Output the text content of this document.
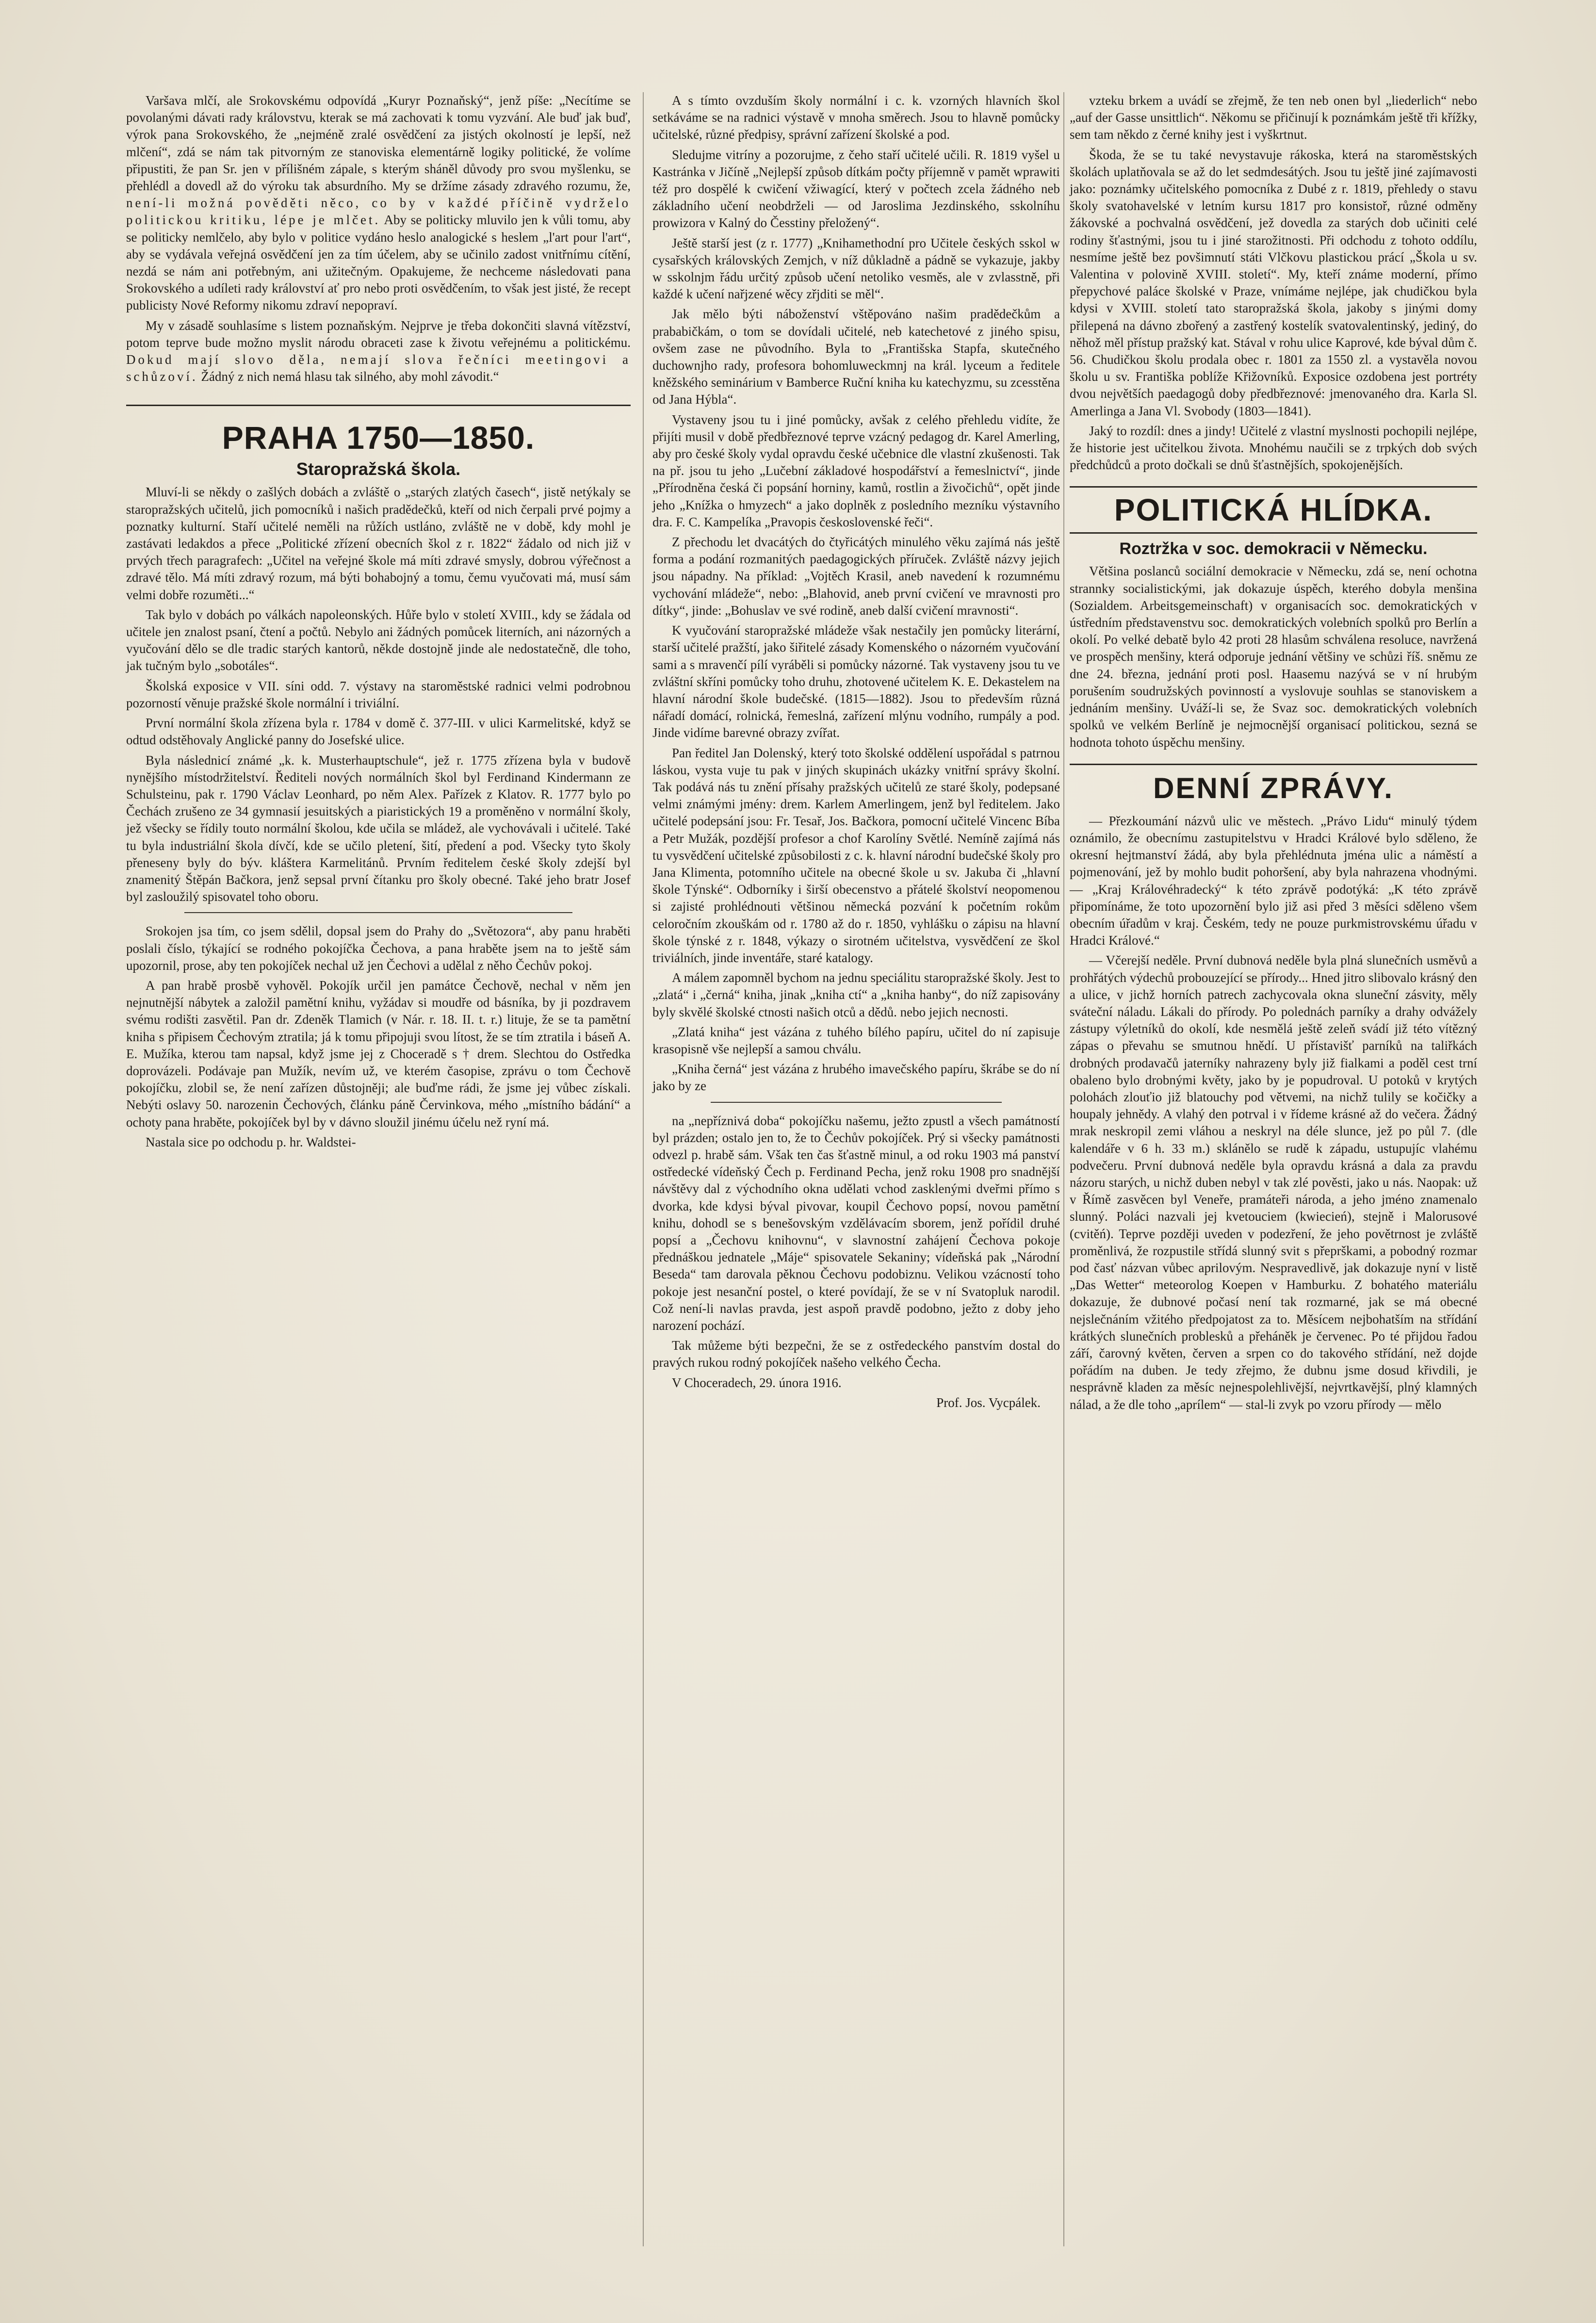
Varšava mlčí, ale Srokovskému odpovídá „Kuryr Poznaňský“, jenž píše: „Necítíme se povolanými dávati rady královstvu, kterak se má zachovati k tomu vyzvání. Ale buď jak buď, výrok pana Srokovského, že „nejméně zralé osvědčení za jistých okolností je lepší, než mlčení“, zdá se nám tak pitvorným ze stanoviska elementárně logiky politické, že volíme připustiti, že pan Sr. jen v přílišném zápale, s kterým sháněl důvody pro svou myšlenku, se přehlédl a dovedl až do výroku tak absurdního. My se držíme zásady zdravého rozumu, že, není-li možná pověděti něco, co by v každé příčině vydrželo politickou kritiku, lépe je mlčet. Aby se politicky mluvilo jen k vůli tomu, aby se politicky nemlčelo, aby bylo v politice vydáno heslo analogické s heslem „l'art pour l'art“, aby se vydávala veřejná osvědčení jen za tím účelem, aby se učinilo zadost vnitřnímu cítění, nezdá se nám ani potřebným, ani užitečným. Opakujeme, že nechceme následovati pana Srokovského a udíleti rady království ať pro nebo proti osvědčením, to však jest jisté, že recept publicisty Nové Reformy nikomu zdraví nepopraví.

My v zásadě souhlasíme s listem poznaňským. Nejprve je třeba dokončiti slavná vítězství, potom teprve bude možno myslit národu obraceti zase k životu veřejnému a politickému. Dokud mají slovo děla, nemají slova řečníci meetingovi a schůzoví. Žádný z nich nemá hlasu tak silného, aby mohl závodit.“

PRAHA 1750—1850.
Staropražská škola.

Mluví-li se někdy o zašlých dobách a zvláště o „starých zlatých časech“, jistě netýkaly se staropražských učitelů, jich pomocníků i našich pradědečků, kteří od nich čerpali prvé pojmy a poznatky kulturní. Staří učitelé neměli na růžích ustláno, zvláště ne v době, kdy mohl je zastávati ledakdos a přece „Politické zřízení obecních škol z r. 1822“ žádalo od nich již v prvých třech paragrafech: „Učitel na veřejné škole má míti zdravé smysly, dobrou výřečnost a zdravé tělo. Má míti zdravý rozum, má býti bohabojný a tomu, čemu vyučovati má, musí sám velmi dobře rozuměti...“

Tak bylo v dobách po válkách napoleonských. Hůře bylo v století XVIII., kdy se žádala od učitele jen znalost psaní, čtení a počtů. Nebylo ani žádných pomůcek literních, ani názorných a vyučování dělo se dle tradic starých kantorů, někde dostojně jinde ale nedostatečně, dle toho, jak tučným bylo „sobotáles“.

Školská exposice v VII. síni odd. 7. výstavy na staroměstské radnici velmi podrobnou pozorností věnuje pražské škole normální i triviální.

První normální škola zřízena byla r. 1784 v domě č. 377-III. v ulici Karmelitské, když se odtud odstěhovaly Anglické panny do Josefské ulice.

Byla následnicí známé „k. k. Musterhauptschule“, jež r. 1775 zřízena byla v budově nynějšího místodržitelství. Řediteli nových normálních škol byl Ferdinand Kindermann ze Schulsteinu, pak r. 1790 Václav Leonhard, po něm Alex. Pařízek z Klatov. R. 1777 bylo po Čechách zrušeno ze 34 gymnasií jesuitských a piaristických 19 a proměněno v normální školy, jež všecky se řídily touto normální školou, kde učila se mládež, ale vychovávali i učitelé. Také tu byla industriální škola dívčí, kde se učilo pletení, šití, předení a pod. Všecky tyto školy přeneseny byly do býv. kláštera Karmelitánů. Prvním ředitelem české školy zdejší byl znamenitý Štěpán Bačkora, jenž sepsal první čítanku pro školy obecné. Také jeho bratr Josef byl zasloužilý spisovatel toho oboru.

Srokojen jsa tím, co jsem sdělil, dopsal jsem do Prahy do „Světozora“, aby panu hraběti poslali číslo, týkající se rodného pokojíčka Čechova, a pana hraběte jsem na to ještě sám upozornil, prose, aby ten pokojíček nechal už jen Čechovi a udělal z něho Čechův pokoj.

A pan hrabě prosbě vyhověl. Pokojík určil jen památce Čechově, nechal v něm jen nejnutnější nábytek a založil pamětní knihu, vyžádav si moudře od básníka, by ji pozdravem svému rodišti zasvětil. Pan dr. Zdeněk Tlamich (v Nár. r. 18. II. t. r.) lituje, že se ta pamětní kniha s připisem Čechovým ztratila; já k tomu připojuji svou lítost, že se tím ztratila i báseň A. E. Mužíka, kterou tam napsal, když jsme jej z Choceradě s † drem. Slechtou do Ostředka doprovázeli. Podávaje pan Mužík, nevím už, ve kterém časopise, zprávu o tom Čechově pokojíčku, zlobil se, že není zařízen důstojněji; ale buďme rádi, že jsme jej vůbec získali. Nebýti oslavy 50. narozenin Čechových, článku páně Červinkova, mého „místního bádání“ a ochoty pana hraběte, pokojíček byl by v dávno sloužil jinému účelu než ryní má.

Nastala sice po odchodu p. hr. Waldstei-

A s tímto ovzduším školy normální i c. k. vzorných hlavních škol setkáváme se na radnici výstavě v mnoha směrech. Jsou to hlavně pomůcky učitelské, různé předpisy, správní zařízení školské a pod.

Sledujme vitríny a pozorujme, z čeho staří učitelé učili. R. 1819 vyšel u Kastránka v Jičíně „Nejlepší způsob dítkám počty příjemně v pamět wprawiti též pro dospělé k cwičení vžiwagící, který v počtech zcela žádného neb základního učení neobdrželi — od Jaroslima Jezdinského, sskolníhu prowizora v Kalný do Česstiny přeložený“.

Ještě starší jest (z r. 1777) „Knihamethodní pro Učitele českých sskol w cysařských královských Zemjch, v níž důkladně a pádně se vykazuje, jakby w sskolnjm řádu určitý způsob učení netoliko vesměs, ale v zvlasstně, při každé k učení nařjzené wěcy zřjditi se měl“.

Jak mělo býti náboženství vštěpováno našim pradědečkům a prababičkám, o tom se dovídali učitelé, neb katechetové z jiného spisu, ovšem zase ne původního. Byla to „Františska Stapfa, skutečného duchownjho rady, profesora bohomluweckmnj na král. lyceum a ředitele kněžského seminárium v Bamberce Ruční kniha ku katechyzmu, su zcesstěna od Jana Hýbla“.

Vystaveny jsou tu i jiné pomůcky, avšak z celého přehledu vidíte, že přijíti musil v době předbřeznové teprve vzácný pedagog dr. Karel Amerling, aby pro české školy vydal opravdu české učebnice dle vlastní zkušenosti. Tak na př. jsou tu jeho „Lučební základové hospodářství a řemeslnictví“, jinde „Přírodněna česká či popsání horniny, kamů, rostlin a živočichů“, opět jinde jeho „Knížka o hmyzech“ a jako doplněk z posledního mezníku výstavního dra. F. C. Kampelíka „Pravopis československé řeči“.

Z přechodu let dvacátých do čtyřicátých minulého věku zajímá nás ještě forma a podání rozmanitých paedagogických příruček. Zvláště názvy jejich jsou nápadny. Na příklad: „Vojtěch Krasil, aneb navedení k rozumnému vychování mládeže“, nebo: „Blahovid, aneb první cvičení ve mravnosti pro dítky“, jinde: „Bohuslav ve své rodině, aneb další cvičení mravnosti“.

K vyučování staropražské mládeže však nestačily jen pomůcky literární, starší učitelé pražští, jako šiřitelé zásady Komenského o názorném vyučování sami a s mravenčí pílí vyráběli si pomůcky názorné. Tak vystaveny jsou tu ve zvláštní skříni pomůcky toho druhu, zhotovené učitelem K. E. Dekastelem na hlavní národní škole budečské. (1815—1882). Jsou to především různá nářadí domácí, rolnická, řemeslná, zařízení mlýnu vodního, rumpály a pod. Jinde vidíme barevné obrazy zvířat.

Pan ředitel Jan Dolenský, který toto školské oddělení uspořádal s patrnou láskou, vysta vuje tu pak v jiných skupinách ukázky vnitřní správy školní. Tak podává nás tu znění přísahy pražských učitelů ze staré školy, podepsané velmi známými jmény: drem. Karlem Amerlingem, jenž byl ředitelem. Jako učitelé podepsání jsou: Fr. Tesař, Jos. Bačkora, pomocní učitelé Vincenc Bíba a Petr Mužák, pozdější profesor a chof Karolíny Světlé. Nemíně zajímá nás tu vysvědčení učitelské způsobilosti z c. k. hlavní národní budečské školy pro Jana Klimenta, potomního učitele na obecné škole u sv. Jakuba či „hlavní škole Týnské“. Odborníky i širší obecenstvo a přátelé školství neopomenou si zajisté prohlédnouti většinou německá pozvání k početním rokům celoročním zkouškám od r. 1780 až do r. 1850, vyhlášku o zápisu na hlavní škole týnské z r. 1848, výkazy o sirotném učitelstva, vysvědčení ze škol triviálních, jinde inventáře, staré katalogy.

A málem zapomněl bychom na jednu speciálitu staropražské školy. Jest to „zlatá“ i „černá“ kniha, jinak „kniha ctí“ a „kniha hanby“, do níž zapisovány byly skvělé školské ctnosti našich otců a dědů. nebo jejich necnosti.

„Zlatá kniha“ jest vázána z tuhého bílého papíru, učitel do ní zapisuje krasopisně vše nejlepší a samou chválu.

„Kniha černá“ jest vázána z hrubého imavečského papíru, škrábe se do ní jako by ze

na „nepříznivá doba“ pokojíčku našemu, ježto zpustl a všech památností byl prázden; ostalo jen to, že to Čechův pokojíček. Prý si všecky památnosti odvezl p. hrabě sám. Však ten čas šťastně minul, a od roku 1903 má panství ostředecké vídeňský Čech p. Ferdinand Pecha, jenž roku 1908 pro snadnější návštěvy dal z východního okna udělati vchod zasklenými dveřmi přímo s dvorka, kde kdysi býval pivovar, koupil Čechovo popsí, novou pamětní knihu, dohodl se s benešovským vzdělávacím sborem, jenž pořídil druhé popsí a „Čechovu knihovnu“, v slavnostní zahájení Čechova pokoje přednáškou jednatele „Máje“ spisovatele Sekaniny; vídeňská pak „Národní Beseda“ tam darovala pěknou Čechovu podobiznu. Velikou vzácností toho pokoje jest nesanční postel, o které povídají, že se v ní Svatopluk narodil. Což není-li navlas pravda, jest aspoň pravdě podobno, ježto z doby jeho narození pochází.

Tak můžeme býti bezpečni, že se z ostředeckého panstvím dostal do pravých rukou rodný pokojíček našeho velkého Čecha.

V Choceradech, 29. února 1916.

Prof. Jos. Vycpálek.

vzteku brkem a uvádí se zřejmě, že ten neb onen byl „liederlich“ nebo „auf der Gasse unsittlich“. Někomu se přičinují k poznámkám ještě tři křížky, sem tam někdo z černé knihy jest i vyškrtnut.

Škoda, že se tu také nevystavuje rákoska, která na staroměstských školách uplatňovala se až do let sedmdesátých. Jsou tu ještě jiné zajímavosti jako: poznámky učitelského pomocníka z Dubé z r. 1819, přehledy o stavu školy svatohavelské v letním kursu 1817 pro konsistoř, různé odměny žákovské a pochvalná osvědčení, jež dovedla za starých dob učiniti celé rodiny šťastnými, jsou tu i jiné starožitnosti. Při odchodu z tohoto oddílu, nesmíme ještě bez povšimnutí státi Vlčkovu plastickou prácí „Škola u sv. Valentina v polovině XVIII. století“. My, kteří známe moderní, přímo přepychové palácе školské v Praze, vnímáme nejlépe, jak chudičkou byla kdysi v XVIII. století tato staropražská škola, jakoby s jinými domy přilepená na dávno zbořený a zastřený kostelík svatovalentinský, jediný, do něhož měl přístup pražský kat. Stával v rohu ulice Kaprové, kde býval dům č. 56. Chudičkou školu prodala obec r. 1801 za 1550 zl. a vystavěla novou školu u sv. Františka poblíže Křižovníků. Exposice ozdobena jest portréty dvou největších paedagogů doby předbřeznové: jmenovaného dra. Karla Sl. Amerlinga a Jana Vl. Svobody (1803—1841).

Jaký to rozdíl: dnes a jindy! Učitelé z vlastní myslnosti pochopili nejlépe, že historie jest učitelkou života. Mnohému naučili se z trpkých dob svých předchůdců a proto dočkali se dnů šťastnějších, spokojenějších.

POLITICKÁ HLÍDKA.
Roztržka v soc. demokracii v Německu.

Většina poslanců sociální demokracie v Německu, zdá se, není ochotna strannky socialistickými, jak dokazuje úspěch, kterého dobyla menšina (Sozialdem. Arbeitsgemeinschaft) v organisacích soc. demokratických v ústředním představenstvu soc. demokratických volebních spolků pro Berlín a okolí. Po velké debatě bylo 42 proti 28 hlasům schválena resoluce, navržená ve prospěch menšiny, která odporuje jednání většiny ve schůzi říš. sněmu ze dne 24. března, jednání proti posl. Haasemu nazývá se v ní hrubým porušením soudružských povinností a vyslovuje souhlas se stanoviskem a jednáním menšiny. Uváží-li se, že Svaz soc. demokratických volebních spolků ve velkém Berlíně je nejmocnější organisací politickou, sezná se hodnota tohoto úspěchu menšiny.

DENNÍ ZPRÁVY.

— Přezkoumání názvů ulic ve městech. „Právo Lidu“ minulý týdem oznámilo, že obecnímu zastupitelstvu v Hradci Králové bylo sděleno, že okresní hejtmanství žádá, aby byla přehlédnuta jména ulic a náměstí a pojmenování, jež by mohlo budit pohoršení, aby byla nahrazena vhodnými. — „Kraj Královéhradecký“ k této zprávě podotýká: „K této zprávě připomínáme, že toto upozornění bylo již asi před 3 měsíci sděleno všem obecním úřadům v kraj. Českém, tedy ne pouze purkmistrovskému úřadu v Hradci Králové.“

— Včerejší neděle. První dubnová neděle byla plná slunečních usměvů a prohřátých výdechů probouzející se přírody... Hned jitro slibovalo krásný den a ulice, v jichž horních patrech zachycovala okna sluneční zásvity, měly sváteční náladu. Lákali do přírody. Po polednách parníky a drahy odvážely zástupy výletníků do okolí, kde nesmělá ještě zeleň svádí již této vítězný zápas o převahu se smutnou hnědí. U přístavišť parníků na taliřkách drobných prodavačů jaterníky nahrazeny byly již fialkami a poděl cest trní obaleno bylo drobnými květy, jako by je popudroval. U potoků v krytých polohách zlouťio již blatouchy pod větvemi, na nichž tulily se kočičky a houpaly jehnědy. A vlahý den potrval i v řídeme krásné až do večera. Žádný mrak neskropil zemi vláhou a neskryl na déle slunce, jež po půl 7. (dle kalendáře v 6 h. 33 m.) sklánělo se rudě k západu, ustupujíc vlahému podvečeru. První dubnová neděle byla opravdu krásná a dala za pravdu názoru starých, u nichž duben nebyl v tak zlé pověsti, jako u nás. Naopak: už v Římě zasvěcen byl Veneře, pramáteři národa, a jeho jméno znamenalo slunný. Poláci nazvali jej kvetouciem (kwiecień), stejně i Malorusové (cvitěń). Teprve později uveden v podezření, že jeho povětrnost je zvláště proměnlivá, že rozpustile střídá slunný svit s přeprškami, a pobodný rozmar pod časť názvan vůbec aprilovým. Nespravedlivě, jak dokazuje nyní v listě „Das Wetter“ meteorolog Koepen v Hamburku. Z bohatého materiálu dokazuje, že dubnové počasí není tak rozmarné, jak se má obecné nejslečnáním vžitého předpojatost za to. Měsícem nejbohatším na střídání krátkých slunečních problesků a přeháněk je červenec. Po té přijdou řadou září, čarovný květen, červen a srpen co do takového střídání, než dojde pořádím na duben. Je tedy zřejmo, že dubnu jsme dosud křivdili, je nesprávně kladen za měsíc nejnespolehlivější, nejvrtkavější, plný klamných nálad, a že dle toho „aprílem“ — stal-li zvyk po vzoru přírody — mělo
